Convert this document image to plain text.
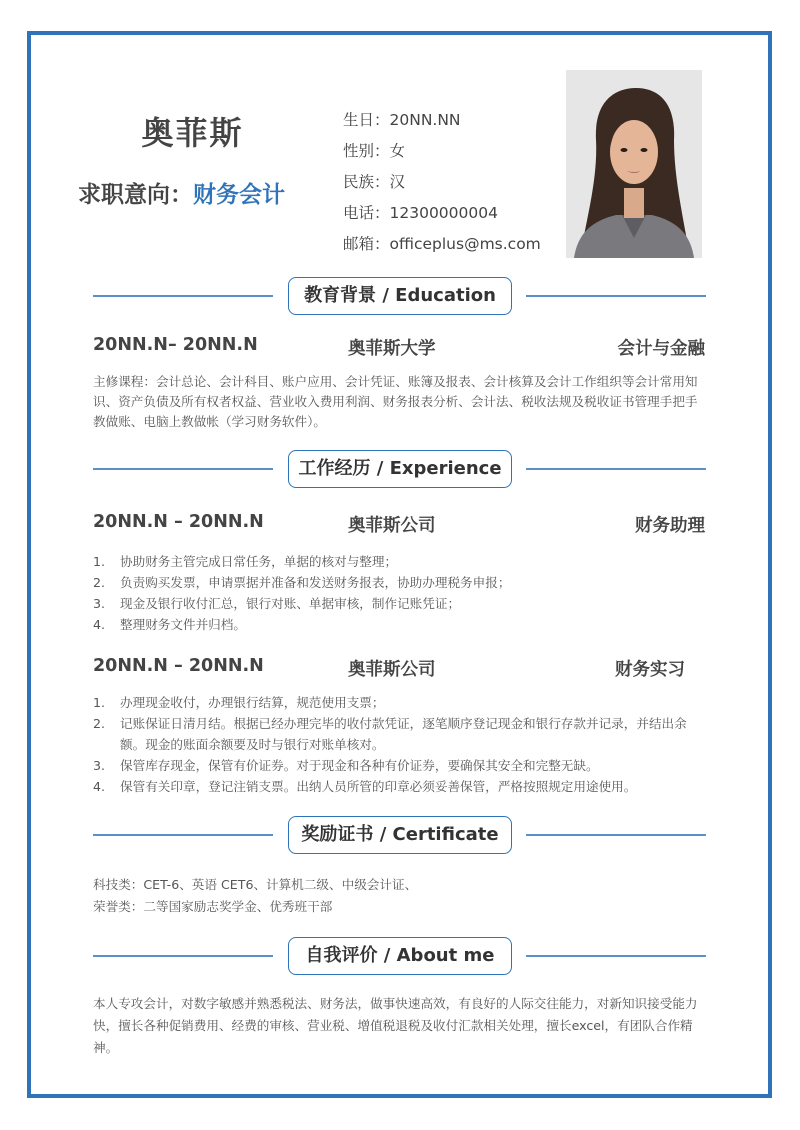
奥菲斯
求职意向：财务会计
生日：20NN.NN
性别：女
民族：汉
电话：12300000004
邮箱：officeplus@ms.com
教育背景 / Education
20NN.N– 20NN.N	奥菲斯大学	会计与金融
主修课程：会计总论、会计科目、账户应用、会计凭证、账簿及报表、会计核算及会计工作组织等会计常用知识、资产负债及所有权者权益、营业收入费用利润、财务报表分析、会计法、税收法规及税收证书管理手把手教做账、电脑上教做帐（学习财务软件）。
工作经历 / Experience
20NN.N – 20NN.N	奥菲斯公司	财务助理
1. 协助财务主管完成日常任务，单据的核对与整理；
2. 负责购买发票，申请票据并准备和发送财务报表，协助办理税务申报；
3. 现金及银行收付汇总，银行对账、单据审核，制作记账凭证；
4. 整理财务文件并归档。
20NN.N – 20NN.N	奥菲斯公司	财务实习
1. 办理现金收付，办理银行结算，规范使用支票；
2. 记账保证日清月结。根据已经办理完毕的收付款凭证，逐笔顺序登记现金和银行存款并记录，并结出余额。现金的账面余额要及时与银行对账单核对。
3. 保管库存现金，保管有价证券。对于现金和各种有价证券，要确保其安全和完整无缺。
4. 保管有关印章，登记注销支票。出纳人员所管的印章必须妥善保管，严格按照规定用途使用。
奖励证书 / Certificate
科技类：CET-6、英语 CET6、计算机二级、中级会计证、
荣誉类：二等国家励志奖学金、优秀班干部
自我评价 / About me
本人专攻会计，对数字敏感并熟悉税法、财务法，做事快速高效，有良好的人际交往能力，对新知识接受能力快，擅长各种促销费用、经费的审核、营业税、增值税退税及收付汇款相关处理，擅长excel，有团队合作精神。
